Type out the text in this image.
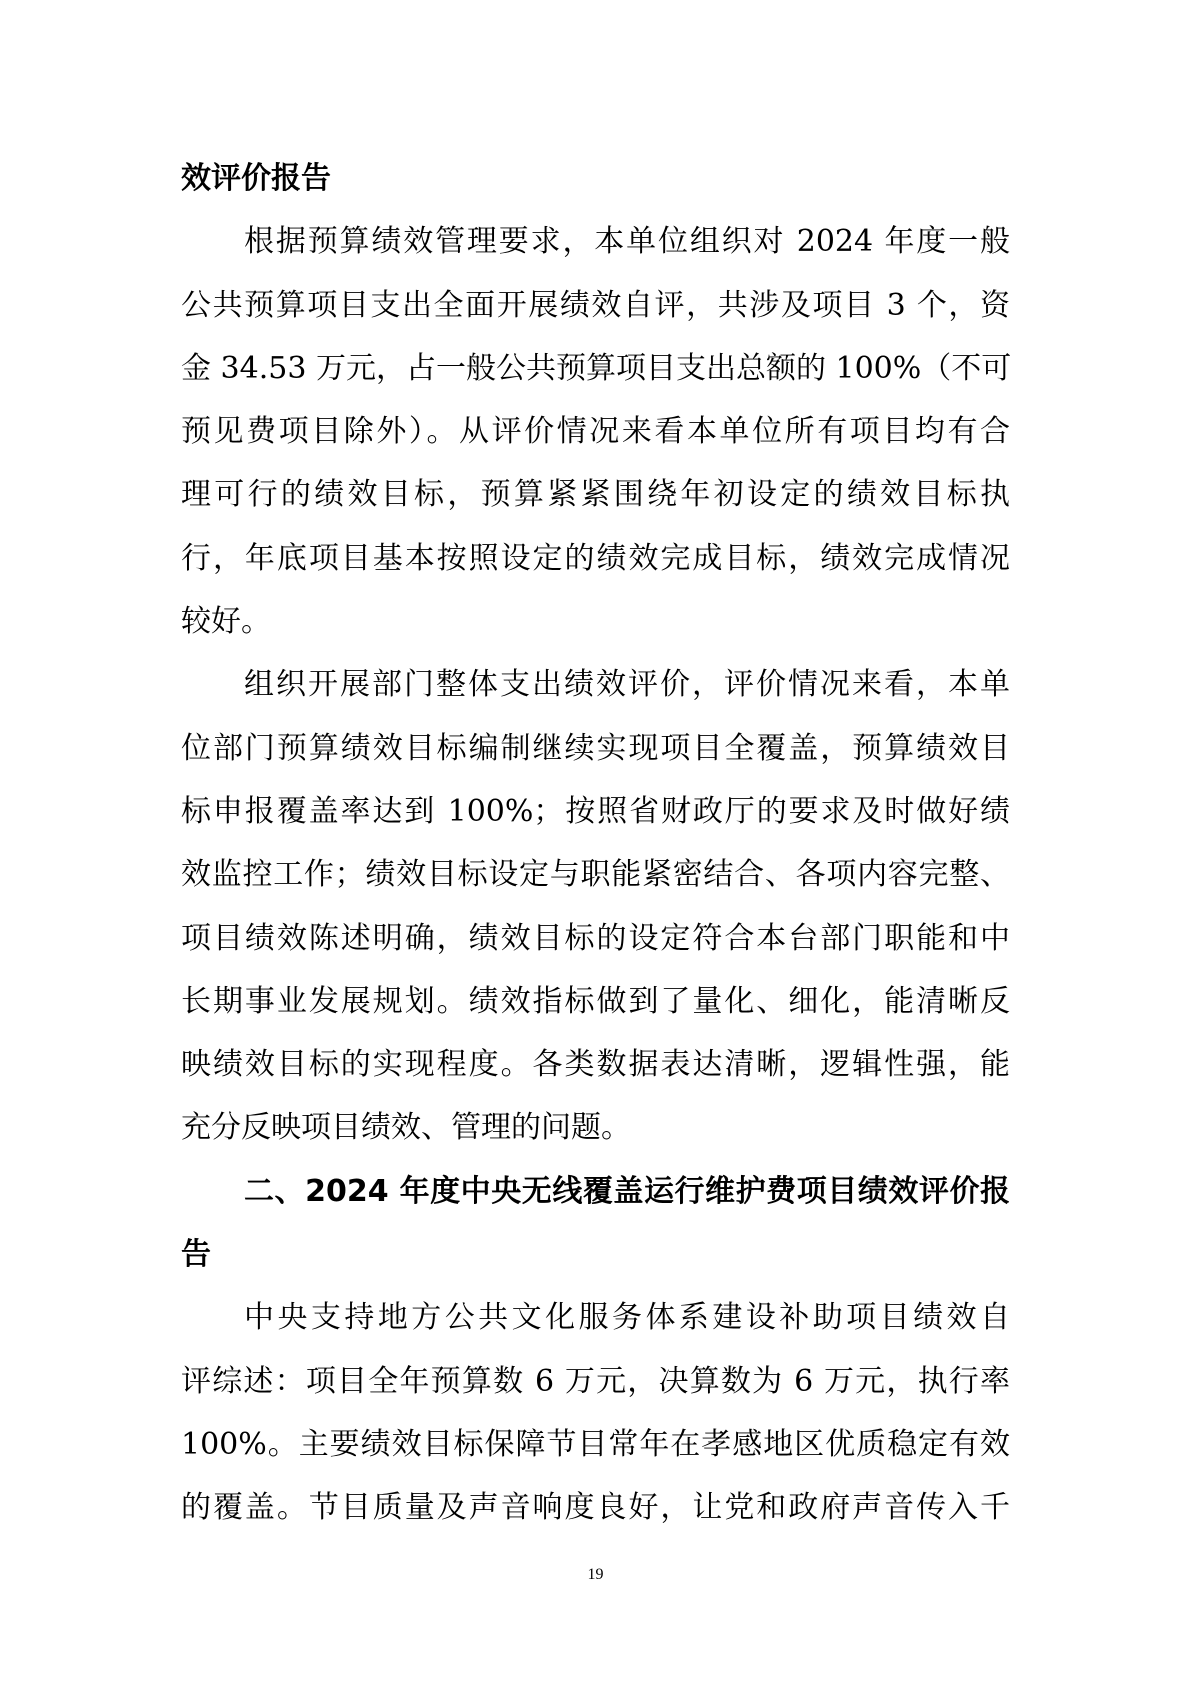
效评价报告
根据预算绩效管理要求，本单位组织对 2024 年度一般
公共预算项目支出全面开展绩效自评，共涉及项目 3 个，资
金 34.53 万元，占一般公共预算项目支出总额的 100%（不可
预见费项目除外）。从评价情况来看本单位所有项目均有合
理可行的绩效目标，预算紧紧围绕年初设定的绩效目标执
行，年底项目基本按照设定的绩效完成目标，绩效完成情况
较好。
组织开展部门整体支出绩效评价，评价情况来看，本单
位部门预算绩效目标编制继续实现项目全覆盖，预算绩效目
标申报覆盖率达到 100%；按照省财政厅的要求及时做好绩
效监控工作；绩效目标设定与职能紧密结合、各项内容完整、
项目绩效陈述明确，绩效目标的设定符合本台部门职能和中
长期事业发展规划。绩效指标做到了量化、细化，能清晰反
映绩效目标的实现程度。各类数据表达清晰，逻辑性强，能
充分反映项目绩效、管理的问题。
二、2024 年度中央无线覆盖运行维护费项目绩效评价报
告
中央支持地方公共文化服务体系建设补助项目绩效自
评综述：项目全年预算数 6 万元，决算数为 6 万元，执行率
100%。主要绩效目标保障节目常年在孝感地区优质稳定有效
的覆盖。节目质量及声音响度良好，让党和政府声音传入千
19
